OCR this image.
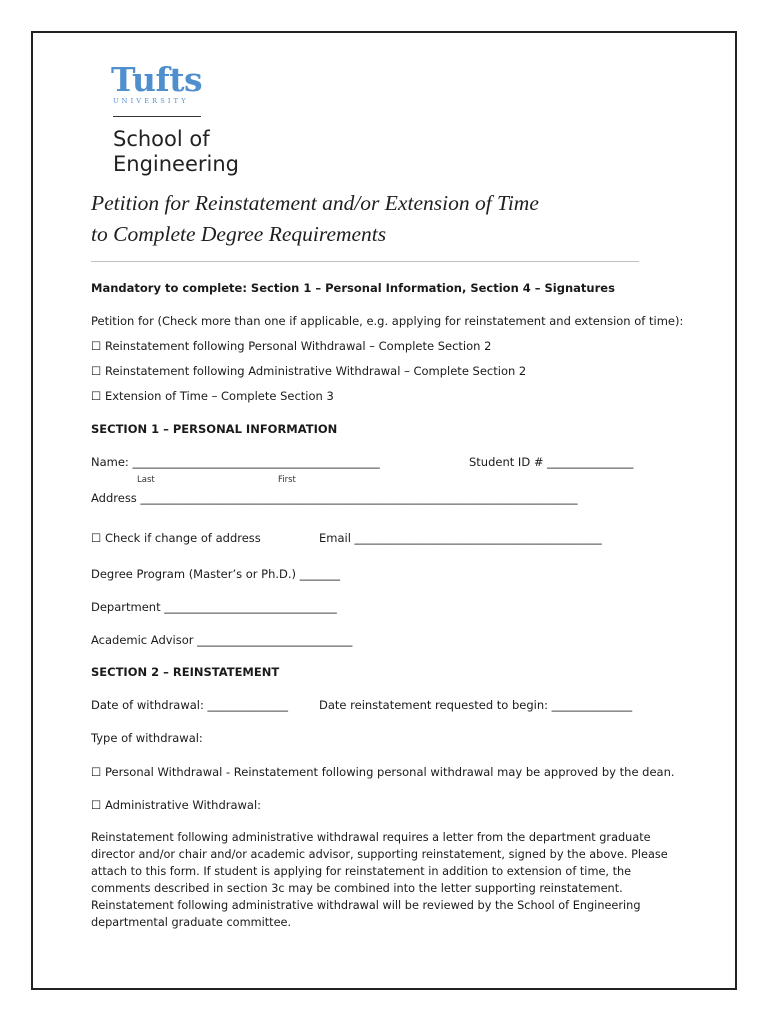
Tufts
UNIVERSITY
School of
Engineering
Petition for Reinstatement and/or Extension of Time
to Complete Degree Requirements
Mandatory to complete: Section 1 – Personal Information, Section 4 – Signatures
Petition for (Check more than one if applicable, e.g. applying for reinstatement and extension of time):
☐ Reinstatement following Personal Withdrawal – Complete Section 2
☐ Reinstatement following Administrative Withdrawal – Complete Section 2
☐ Extension of Time – Complete Section 3
SECTION 1 – PERSONAL INFORMATION
Name: ___________________________________________	Student ID # _______________
Last	First
Address ____________________________________________________________________________
☐ Check if change of address	Email ___________________________________________
Degree Program (Master’s or Ph.D.) _______
Department ______________________________
Academic Advisor ___________________________
SECTION 2 – REINSTATEMENT
Date of withdrawal: ______________	Date reinstatement requested to begin: ______________
Type of withdrawal:
☐ Personal Withdrawal - Reinstatement following personal withdrawal may be approved by the dean.
☐ Administrative Withdrawal:
Reinstatement following administrative withdrawal requires a letter from the department graduate director and/or chair and/or academic advisor, supporting reinstatement, signed by the above. Please attach to this form. If student is applying for reinstatement in addition to extension of time, the comments described in section 3c may be combined into the letter supporting reinstatement. Reinstatement following administrative withdrawal will be reviewed by the School of Engineering departmental graduate committee.
